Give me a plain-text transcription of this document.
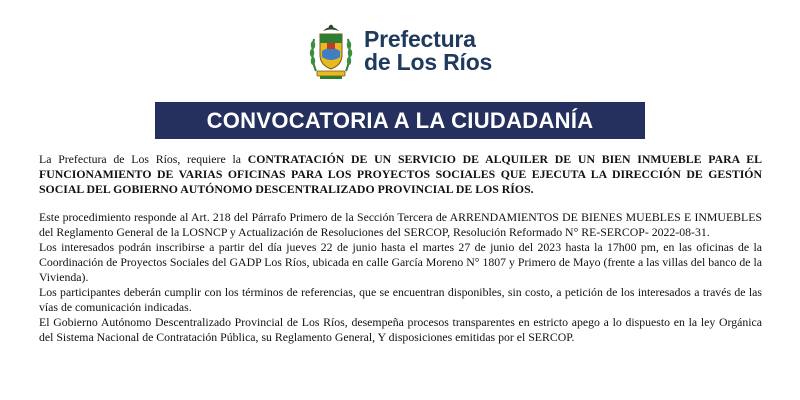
Prefectura
de Los Ríos
CONVOCATORIA A LA CIUDADANÍA

La Prefectura de Los Ríos, requiere la CONTRATACIÓN DE UN SERVICIO DE ALQUILER DE UN BIEN INMUEBLE PARA EL FUNCIONAMIENTO DE VARIAS OFICINAS PARA LOS PROYECTOS SOCIALES QUE EJECUTA LA DIRECCIÓN DE GESTIÓN SOCIAL DEL GOBIERNO AUTÓNOMO DESCENTRALIZADO PROVINCIAL DE LOS RÍOS.

Este procedimiento responde al Art. 218 del Párrafo Primero de la Sección Tercera de ARRENDAMIENTOS DE BIENES MUEBLES E INMUEBLES del Reglamento General de la LOSNCP y Actualización de Resoluciones del SERCOP, Resolución Reformado N° RE-SERCOP- 2022-08-31.

Los interesados podrán inscribirse a partir del día jueves 22 de junio hasta el martes 27 de junio del 2023 hasta la 17h00 pm, en las oficinas de la Coordinación de Proyectos Sociales del GADP Los Ríos, ubicada en calle García Moreno N° 1807 y Primero de Mayo (frente a las villas del banco de la Vivienda).

Los participantes deberán cumplir con los términos de referencias, que se encuentran disponibles, sin costo, a petición de los interesados a través de las vías de comunicación indicadas.

El Gobierno Autónomo Descentralizado Provincial de Los Ríos, desempeña procesos transparentes en estricto apego a lo dispuesto en la ley Orgánica del Sistema Nacional de Contratación Pública, su Reglamento General, Y disposiciones emitidas por el SERCOP.
